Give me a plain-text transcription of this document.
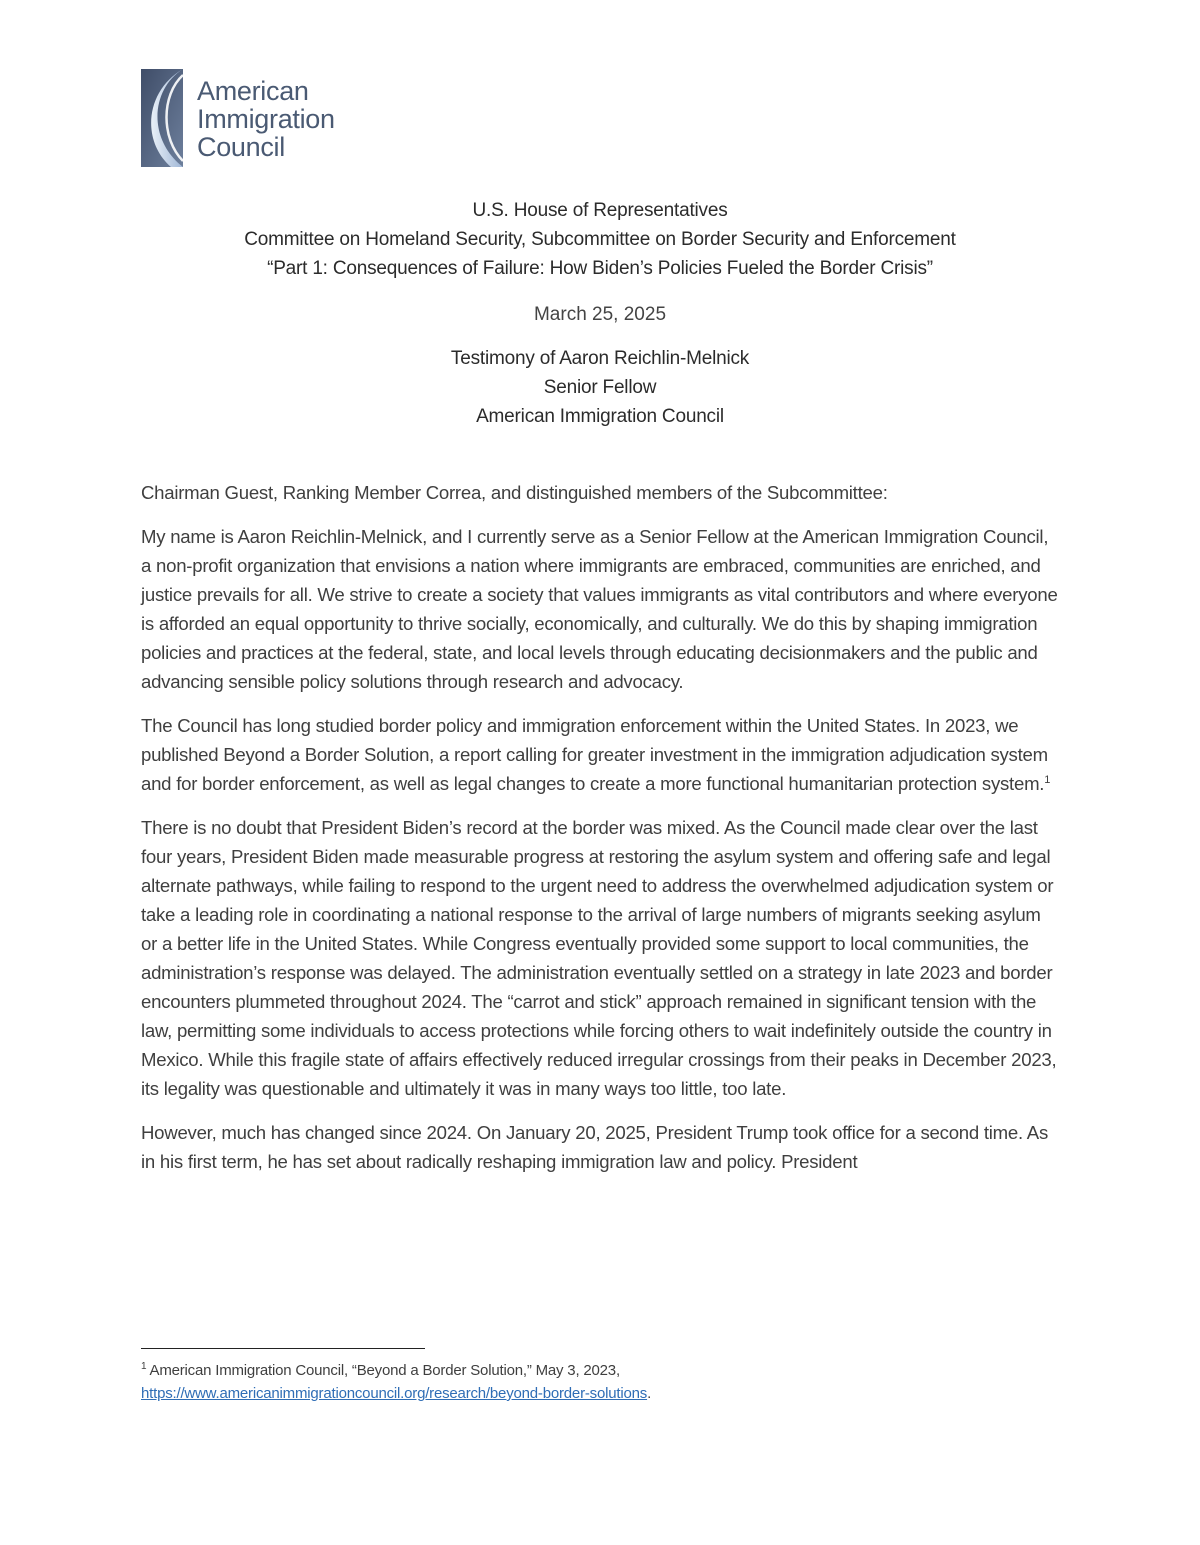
American
Immigration
Council
U.S. House of Representatives
Committee on Homeland Security, Subcommittee on Border Security and Enforcement
“Part 1: Consequences of Failure: How Biden’s Policies Fueled the Border Crisis”
March 25, 2025
Testimony of Aaron Reichlin-Melnick
Senior Fellow
American Immigration Council

Chairman Guest, Ranking Member Correa, and distinguished members of the Subcommittee:

My name is Aaron Reichlin-Melnick, and I currently serve as a Senior Fellow at the American Immigration Council, a non-profit organization that envisions a nation where immigrants are embraced, communities are enriched, and justice prevails for all. We strive to create a society that values immigrants as vital contributors and where everyone is afforded an equal opportunity to thrive socially, economically, and culturally. We do this by shaping immigration policies and practices at the federal, state, and local levels through educating decisionmakers and the public and advancing sensible policy solutions through research and advocacy.

The Council has long studied border policy and immigration enforcement within the United States. In 2023, we published Beyond a Border Solution, a report calling for greater investment in the immigration adjudication system and for border enforcement, as well as legal changes to create a more functional humanitarian protection system.$^1$

There is no doubt that President Biden’s record at the border was mixed. As the Council made clear over the last four years, President Biden made measurable progress at restoring the asylum system and offering safe and legal alternate pathways, while failing to respond to the urgent need to address the overwhelmed adjudication system or take a leading role in coordinating a national response to the arrival of large numbers of migrants seeking asylum or a better life in the United States. While Congress eventually provided some support to local communities, the administration’s response was delayed. The administration eventually settled on a strategy in late 2023 and border encounters plummeted throughout 2024. The “carrot and stick” approach remained in significant tension with the law, permitting some individuals to access protections while forcing others to wait indefinitely outside the country in Mexico. While this fragile state of affairs effectively reduced irregular crossings from their peaks in December 2023, its legality was questionable and ultimately it was in many ways too little, too late.

However, much has changed since 2024. On January 20, 2025, President Trump took office for a second time. As in his first term, he has set about radically reshaping immigration law and policy. President

$^1$ American Immigration Council, “Beyond a Border Solution,” May 3, 2023,
https://www.americanimmigrationcouncil.org/research/beyond-border-solutions.
